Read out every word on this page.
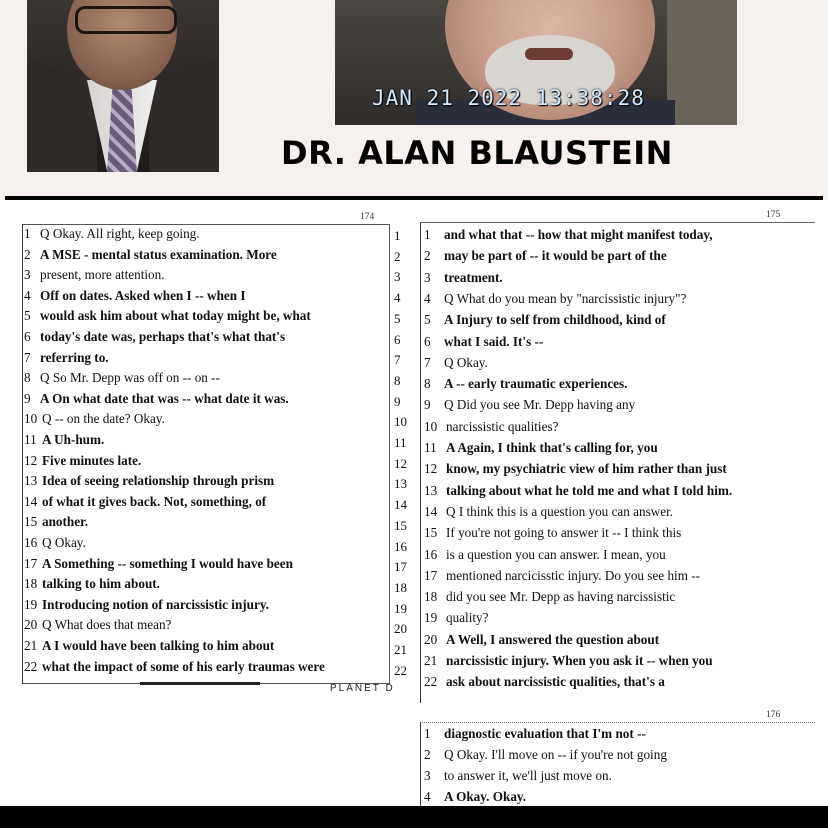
JAN 21 2022 13:38:28
DR. ALAN BLAUSTEIN
174
1 Q Okay. All right, keep going.
2 A MSE - mental status examination. More
3 present, more attention.
4 Off on dates. Asked when I -- when I
5 would ask him about what today might be, what
6 today's date was, perhaps that's what that's
7 referring to.
8 Q So Mr. Depp was off on -- on --
9 A On what date that was -- what date it was.
10 Q -- on the date? Okay.
11 A Uh-hum.
12 Five minutes late.
13 Idea of seeing relationship through prism
14 of what it gives back. Not, something, of
15 another.
16 Q Okay.
17 A Something -- something I would have been
18 talking to him about.
19 Introducing notion of narcissistic injury.
20 Q What does that mean?
21 A I would have been talking to him about
22 what the impact of some of his early traumas were
1
2
3
4
5
6
7
8
9
10
11
12
13
14
15
16
17
18
19
20
21
22
PLANET D
175
1 and what that -- how that might manifest today,
2 may be part of -- it would be part of the
3 treatment.
4 Q What do you mean by "narcissistic injury"?
5 A Injury to self from childhood, kind of
6 what I said. It's --
7 Q Okay.
8 A -- early traumatic experiences.
9 Q Did you see Mr. Depp having any
10 narcissistic qualities?
11 A Again, I think that's calling for, you
12 know, my psychiatric view of him rather than just
13 talking about what he told me and what I told him.
14 Q I think this is a question you can answer.
15 If you're not going to answer it -- I think this
16 is a question you can answer. I mean, you
17 mentioned narcicisstic injury. Do you see him --
18 did you see Mr. Depp as having narcissistic
19 quality?
20 A Well, I answered the question about
21 narcissistic injury. When you ask it -- when you
22 ask about narcissistic qualities, that's a
176
1 diagnostic evaluation that I'm not --
2 Q Okay. I'll move on -- if you're not going
3 to answer it, we'll just move on.
4 A Okay. Okay.
